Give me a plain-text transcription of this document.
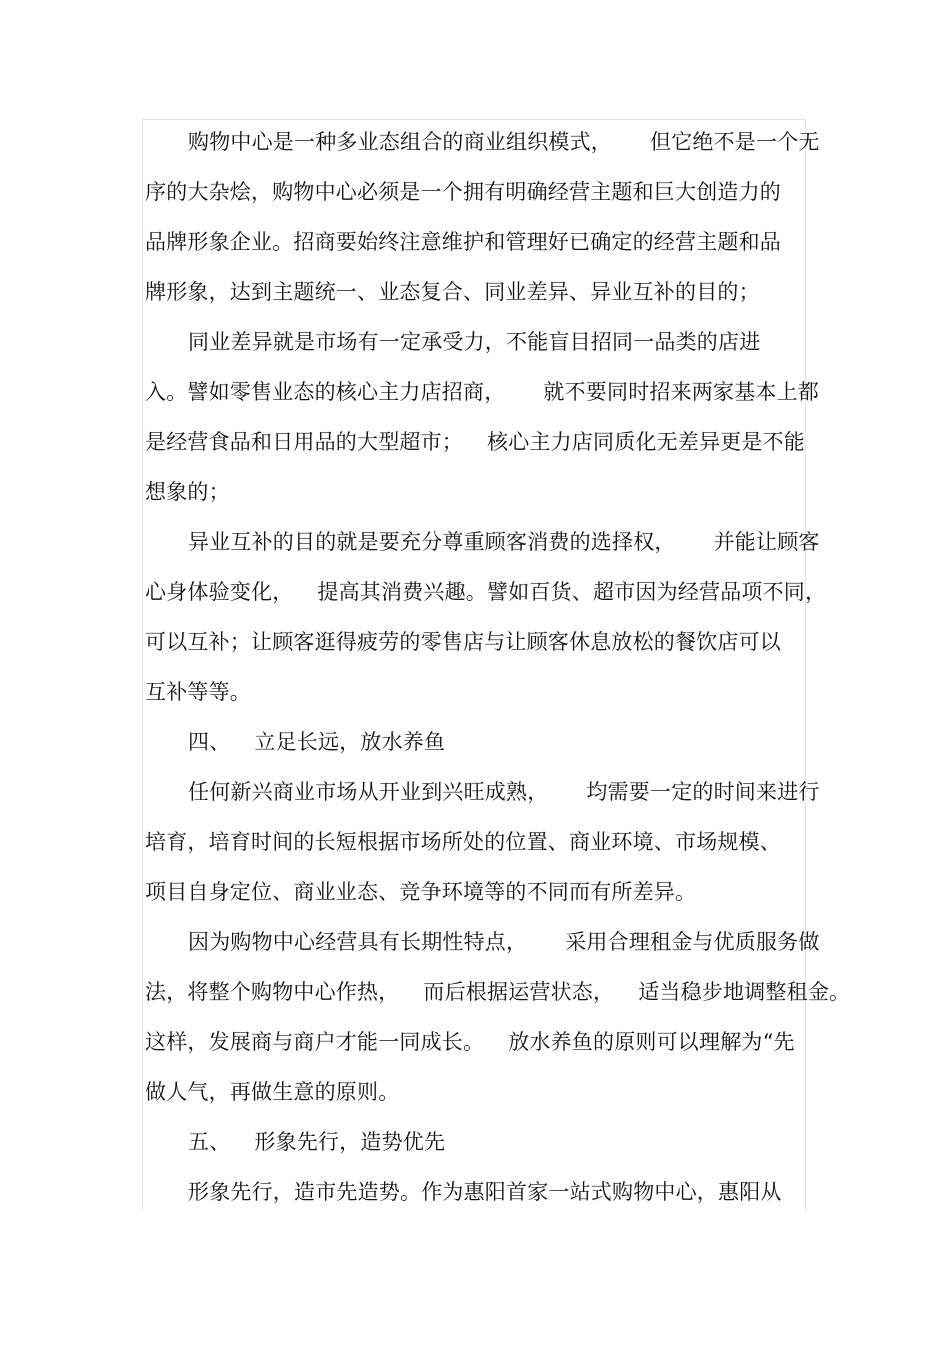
购物中心是一种多业态组合的商业组织模式， 但它绝不是一个无
序的大杂烩，购物中心必须是一个拥有明确经营主题和巨大创造力的
品牌形象企业。招商要始终注意维护和管理好已确定的经营主题和品
牌形象，达到主题统一、业态复合、同业差异、异业互补的目的；
同业差异就是市场有一定承受力，不能盲目招同一品类的店进
入。譬如零售业态的核心主力店招商， 就不要同时招来两家基本上都
是经营食品和日用品的大型超市； 核心主力店同质化无差异更是不能
想象的；
异业互补的目的就是要充分尊重顾客消费的选择权， 并能让顾客
心身体验变化， 提高其消费兴趣。譬如百货、超市因为经营品项不同，
可以互补；让顾客逛得疲劳的零售店与让顾客休息放松的餐饮店可以
互补等等。
四、 立足长远，放水养鱼
任何新兴商业市场从开业到兴旺成熟， 均需要一定的时间来进行
培育，培育时间的长短根据市场所处的位置、商业环境、市场规模、
项目自身定位、商业业态、竞争环境等的不同而有所差异。
因为购物中心经营具有长期性特点， 采用合理租金与优质服务做
法，将整个购物中心作热， 而后根据运营状态， 适当稳步地调整租金。
这样，发展商与商户才能一同成长。 放水养鱼的原则可以理解为“先
做人气，再做生意的原则。
五、 形象先行，造势优先
形象先行，造市先造势。作为惠阳首家一站式购物中心，惠阳从
